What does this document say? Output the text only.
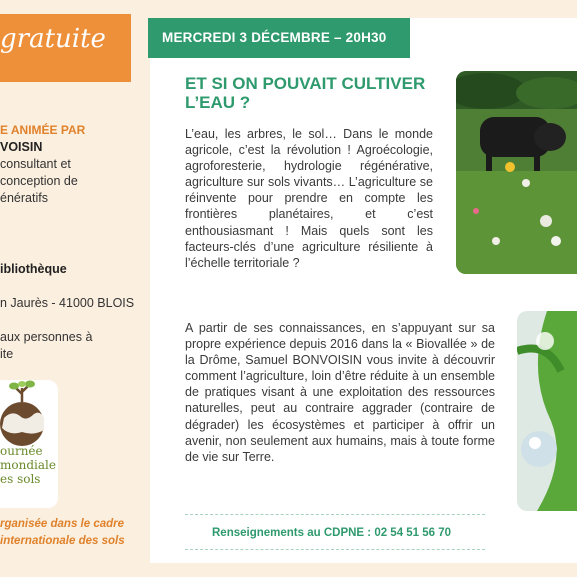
gratuite
E ANIMÉE PAR
VOISIN
consultant et
conception de
énératifs
ibliothèque
n Jaurès - 41000 BLOIS
aux personnes à
ite
ournée
mondiale
es sols
rganisée dans le cadre
internationale des sols
MERCREDI 3 DÉCEMBRE – 20H30
ET SI ON POUVAIT CULTIVER L’EAU ?
L’eau, les arbres, le sol… Dans le monde agricole, c’est la révolution ! Agroécologie, agroforesterie, hydrologie régénérative, agriculture sur sols vivants… L’agriculture se réinvente pour prendre en compte les frontières planétaires, et c’est enthousiasmant ! Mais quels sont les facteurs-clés d’une agriculture résiliente à l’échelle territoriale ?
A partir de ses connaissances, en s’appuyant sur sa propre expérience depuis 2016 dans la « Biovallée » de la Drôme, Samuel BONVOISIN vous invite à découvrir comment l’agriculture, loin d’être réduite à un ensemble de pratiques visant à une exploitation des ressources naturelles, peut au contraire aggrader (contraire de dégrader) les écosystèmes et participer à offrir un avenir, non seulement aux humains, mais à toute forme de vie sur Terre.
Renseignements au CDPNE : 02 54 51 56 70
